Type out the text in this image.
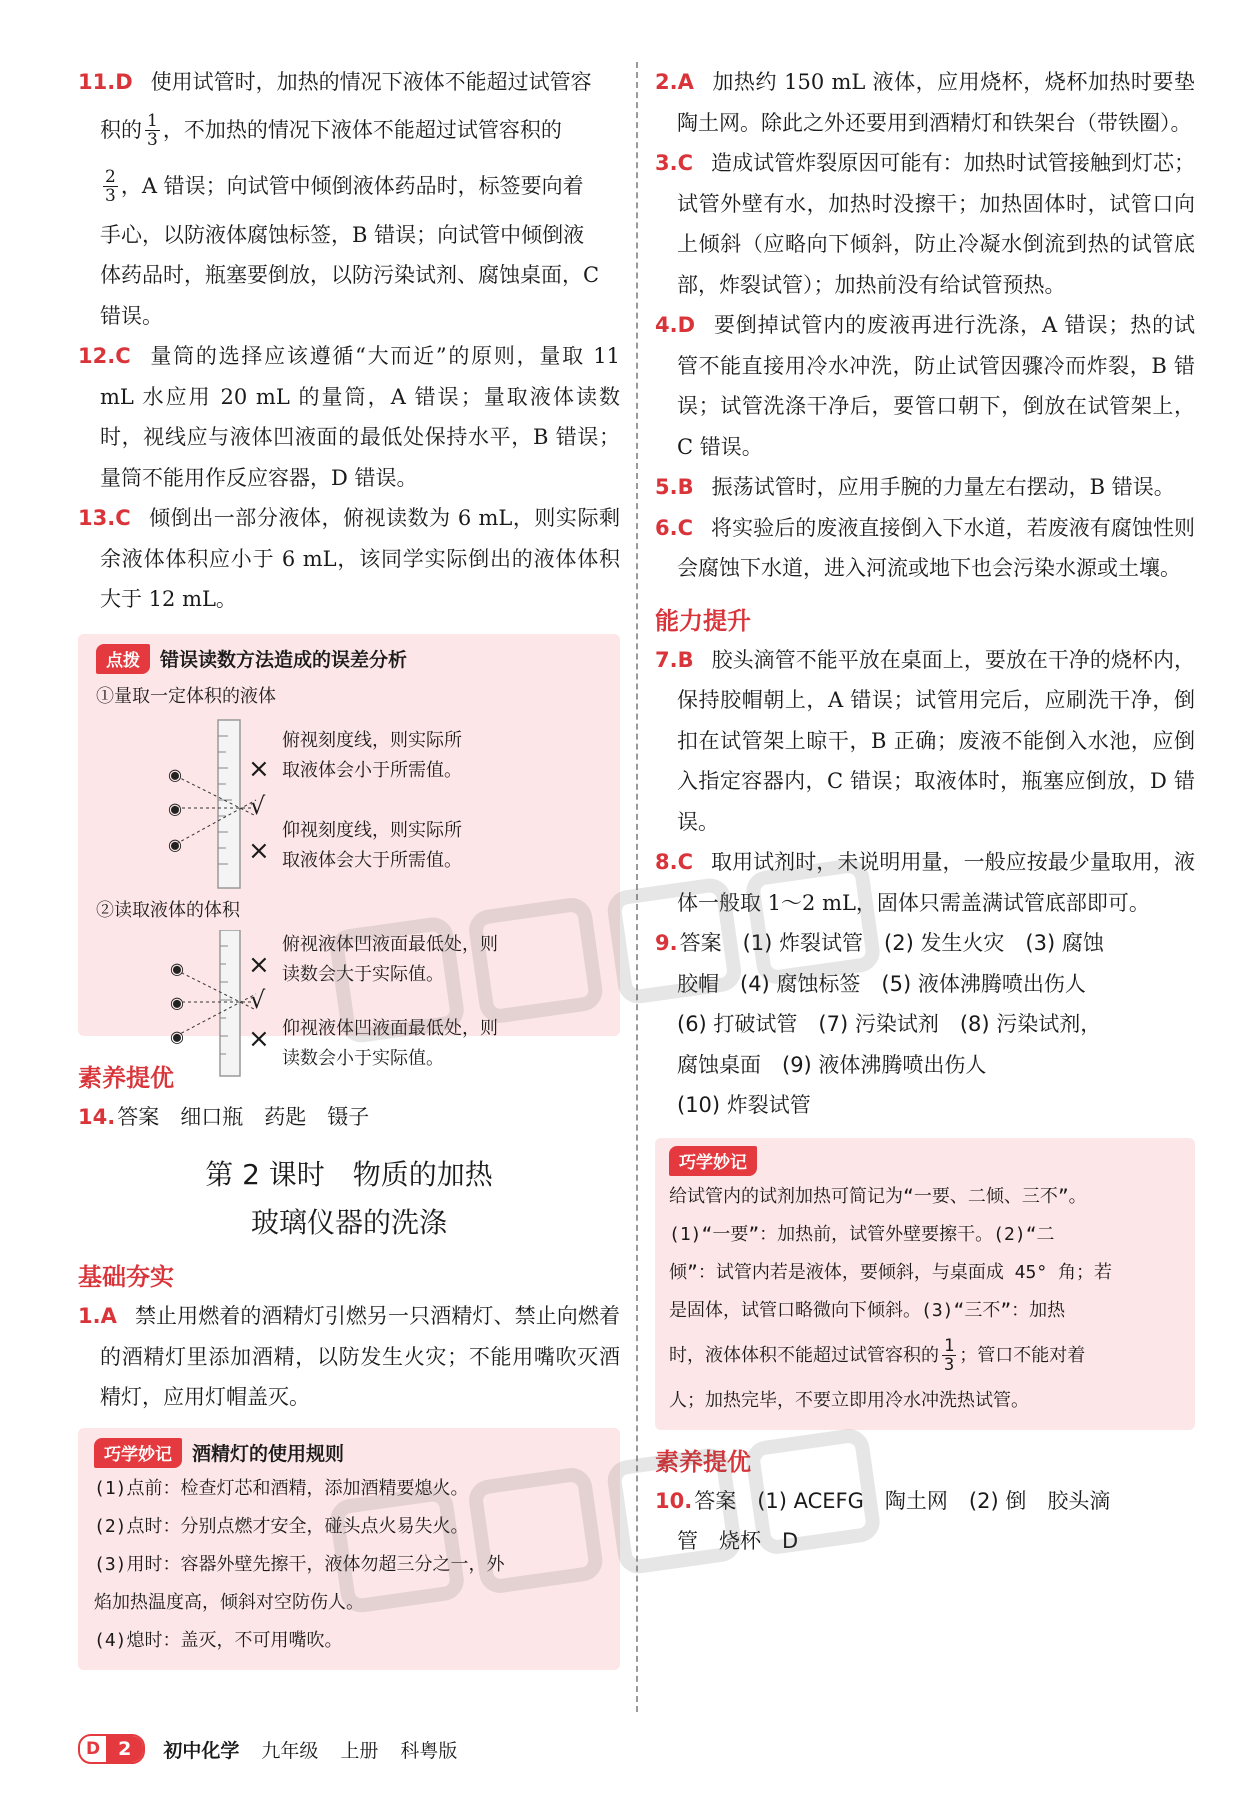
11.D 使用试管时，加热的情况下液体不能超过试管容
积的 $\frac{1}{3}$ ，不加热的情况下液体不能超过试管容积的
$\frac{2}{3}$ ，A 错误；向试管中倾倒液体药品时，标签要向着
手心，以防液体腐蚀标签，B 错误；向试管中倾倒液
体药品时，瓶塞要倒放，以防污染试剂、腐蚀桌面，C
错误。

12.C 量筒的选择应该遵循“大而近”的原则，量取 11 mL 水应用 20 mL 的量筒，A 错误；量取液体读数时，视线应与液体凹液面的最低处保持水平，B 错误；量筒不能用作反应容器，D 错误。

13.C 倾倒出一部分液体，俯视读数为 6 mL，则实际剩余液体体积应小于 6 mL，该同学实际倒出的液体体积大于 12 mL。

点拨	错误读数方法造成的误差分析
①量取一定体积的液体
◉
◉
◉
×
√
×
俯视刻度线，则实际所
取液体会小于所需值。
仰视刻度线，则实际所
取液体会大于所需值。
②读取液体的体积
◉
◉
◉
×
√
×
俯视液体凹液面最低处，则
读数会大于实际值。
仰视液体凹液面最低处，则
读数会小于实际值。
素养提优
14.答案　细口瓶　药匙　镊子
第 2 课时　物质的加热
玻璃仪器的洗涤
基础夯实

1.A 禁止用燃着的酒精灯引燃另一只酒精灯、禁止向燃着的酒精灯里添加酒精，以防发生火灾；不能用嘴吹灭酒精灯，应用灯帽盖灭。

巧学妙记	酒精灯的使用规则
(1)点前：检查灯芯和酒精，添加酒精要熄火。
(2)点时：分别点燃才安全，碰头点火易失火。
(3)用时：容器外壁先擦干，液体勿超三分之一，外
焰加热温度高，倾斜对空防伤人。
(4)熄时：盖灭，不可用嘴吹。

2.A 加热约 150 mL 液体，应用烧杯，烧杯加热时要垫陶土网。除此之外还要用到酒精灯和铁架台（带铁圈）。

3.C 造成试管炸裂原因可能有：加热时试管接触到灯芯；试管外壁有水，加热时没擦干；加热固体时，试管口向上倾斜（应略向下倾斜，防止冷凝水倒流到热的试管底部，炸裂试管）；加热前没有给试管预热。

4.D 要倒掉试管内的废液再进行洗涤，A 错误；热的试管不能直接用冷水冲洗，防止试管因骤冷而炸裂，B 错误；试管洗涤干净后，要管口朝下，倒放在试管架上，C 错误。

5.B 振荡试管时，应用手腕的力量左右摆动，B 错误。

6.C 将实验后的废液直接倒入下水道，若废液有腐蚀性则会腐蚀下水道，进入河流或地下也会污染水源或土壤。

能力提升

7.B 胶头滴管不能平放在桌面上，要放在干净的烧杯内，保持胶帽朝上，A 错误；试管用完后，应刷洗干净，倒扣在试管架上晾干，B 正确；废液不能倒入水池，应倒入指定容器内，C 错误；取液体时，瓶塞应倒放，D 错误。

8.C 取用试剂时，未说明用量，一般应按最少量取用，液体一般取 1～2 mL，固体只需盖满试管底部即可。

9.答案　(1) 炸裂试管　(2) 发生火灾　(3) 腐蚀
胶帽　(4) 腐蚀标签　(5) 液体沸腾喷出伤人
(6) 打破试管　(7) 污染试剂　(8) 污染试剂，
腐蚀桌面　(9) 液体沸腾喷出伤人
(10) 炸裂试管
巧学妙记
给试管内的试剂加热可简记为“一要、二倾、三不”。
(1)“一要”：加热前，试管外壁要擦干。(2)“二
倾”：试管内若是液体，要倾斜，与桌面成 45° 角；若
是固体，试管口略微向下倾斜。(3)“三不”：加热
时，液体体积不能超过试管容积的 $\frac{1}{3}$ ；管口不能对着
人；加热完毕，不要立即用冷水冲洗热试管。
素养提优
10.答案　(1) ACEFG　陶土网　(2) 倒　胶头滴
管　烧杯　D
D 2	初中化学 九年级 上册 科粤版
